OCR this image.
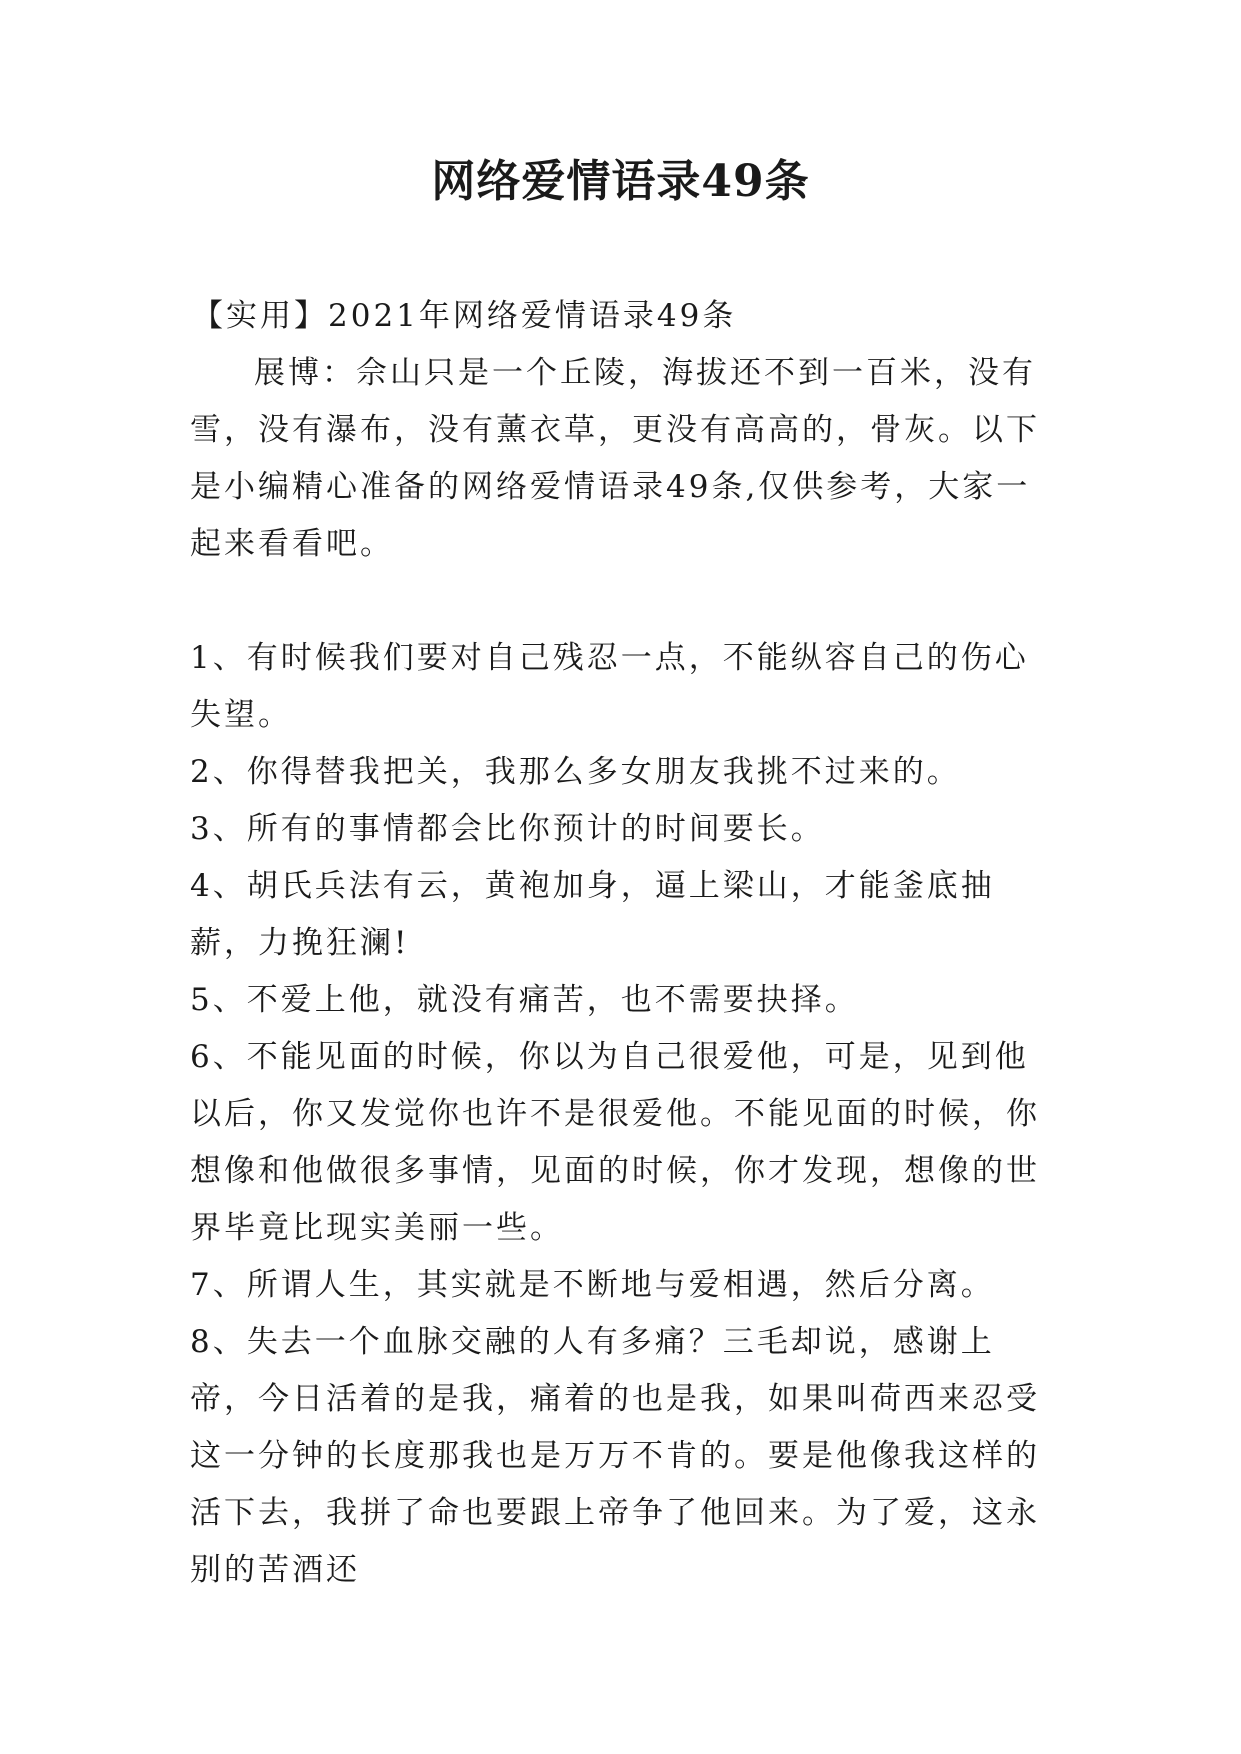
网络爱情语录49条

【实用】2021年网络爱情语录49条

展博：佘山只是一个丘陵，海拔还不到一百米，没有雪，没有瀑布，没有薰衣草，更没有高高的，骨灰。以下是小编精心准备的网络爱情语录49条,仅供参考，大家一起来看看吧。

1、有时候我们要对自己残忍一点，不能纵容自己的伤心失望。

2、你得替我把关，我那么多女朋友我挑不过来的。

3、所有的事情都会比你预计的时间要长。

4、胡氏兵法有云，黄袍加身，逼上梁山，才能釜底抽薪，力挽狂澜!

5、不爱上他，就没有痛苦，也不需要抉择。

6、不能见面的时候，你以为自己很爱他，可是，见到他以后，你又发觉你也许不是很爱他。不能见面的时候，你想像和他做很多事情，见面的时候，你才发现，想像的世界毕竟比现实美丽一些。

7、所谓人生，其实就是不断地与爱相遇，然后分离。

8、失去一个血脉交融的人有多痛？三毛却说，感谢上帝，今日活着的是我，痛着的也是我，如果叫荷西来忍受这一分钟的长度那我也是万万不肯的。要是他像我这样的活下去，我拼了命也要跟上帝争了他回来。为了爱，这永别的苦酒还
